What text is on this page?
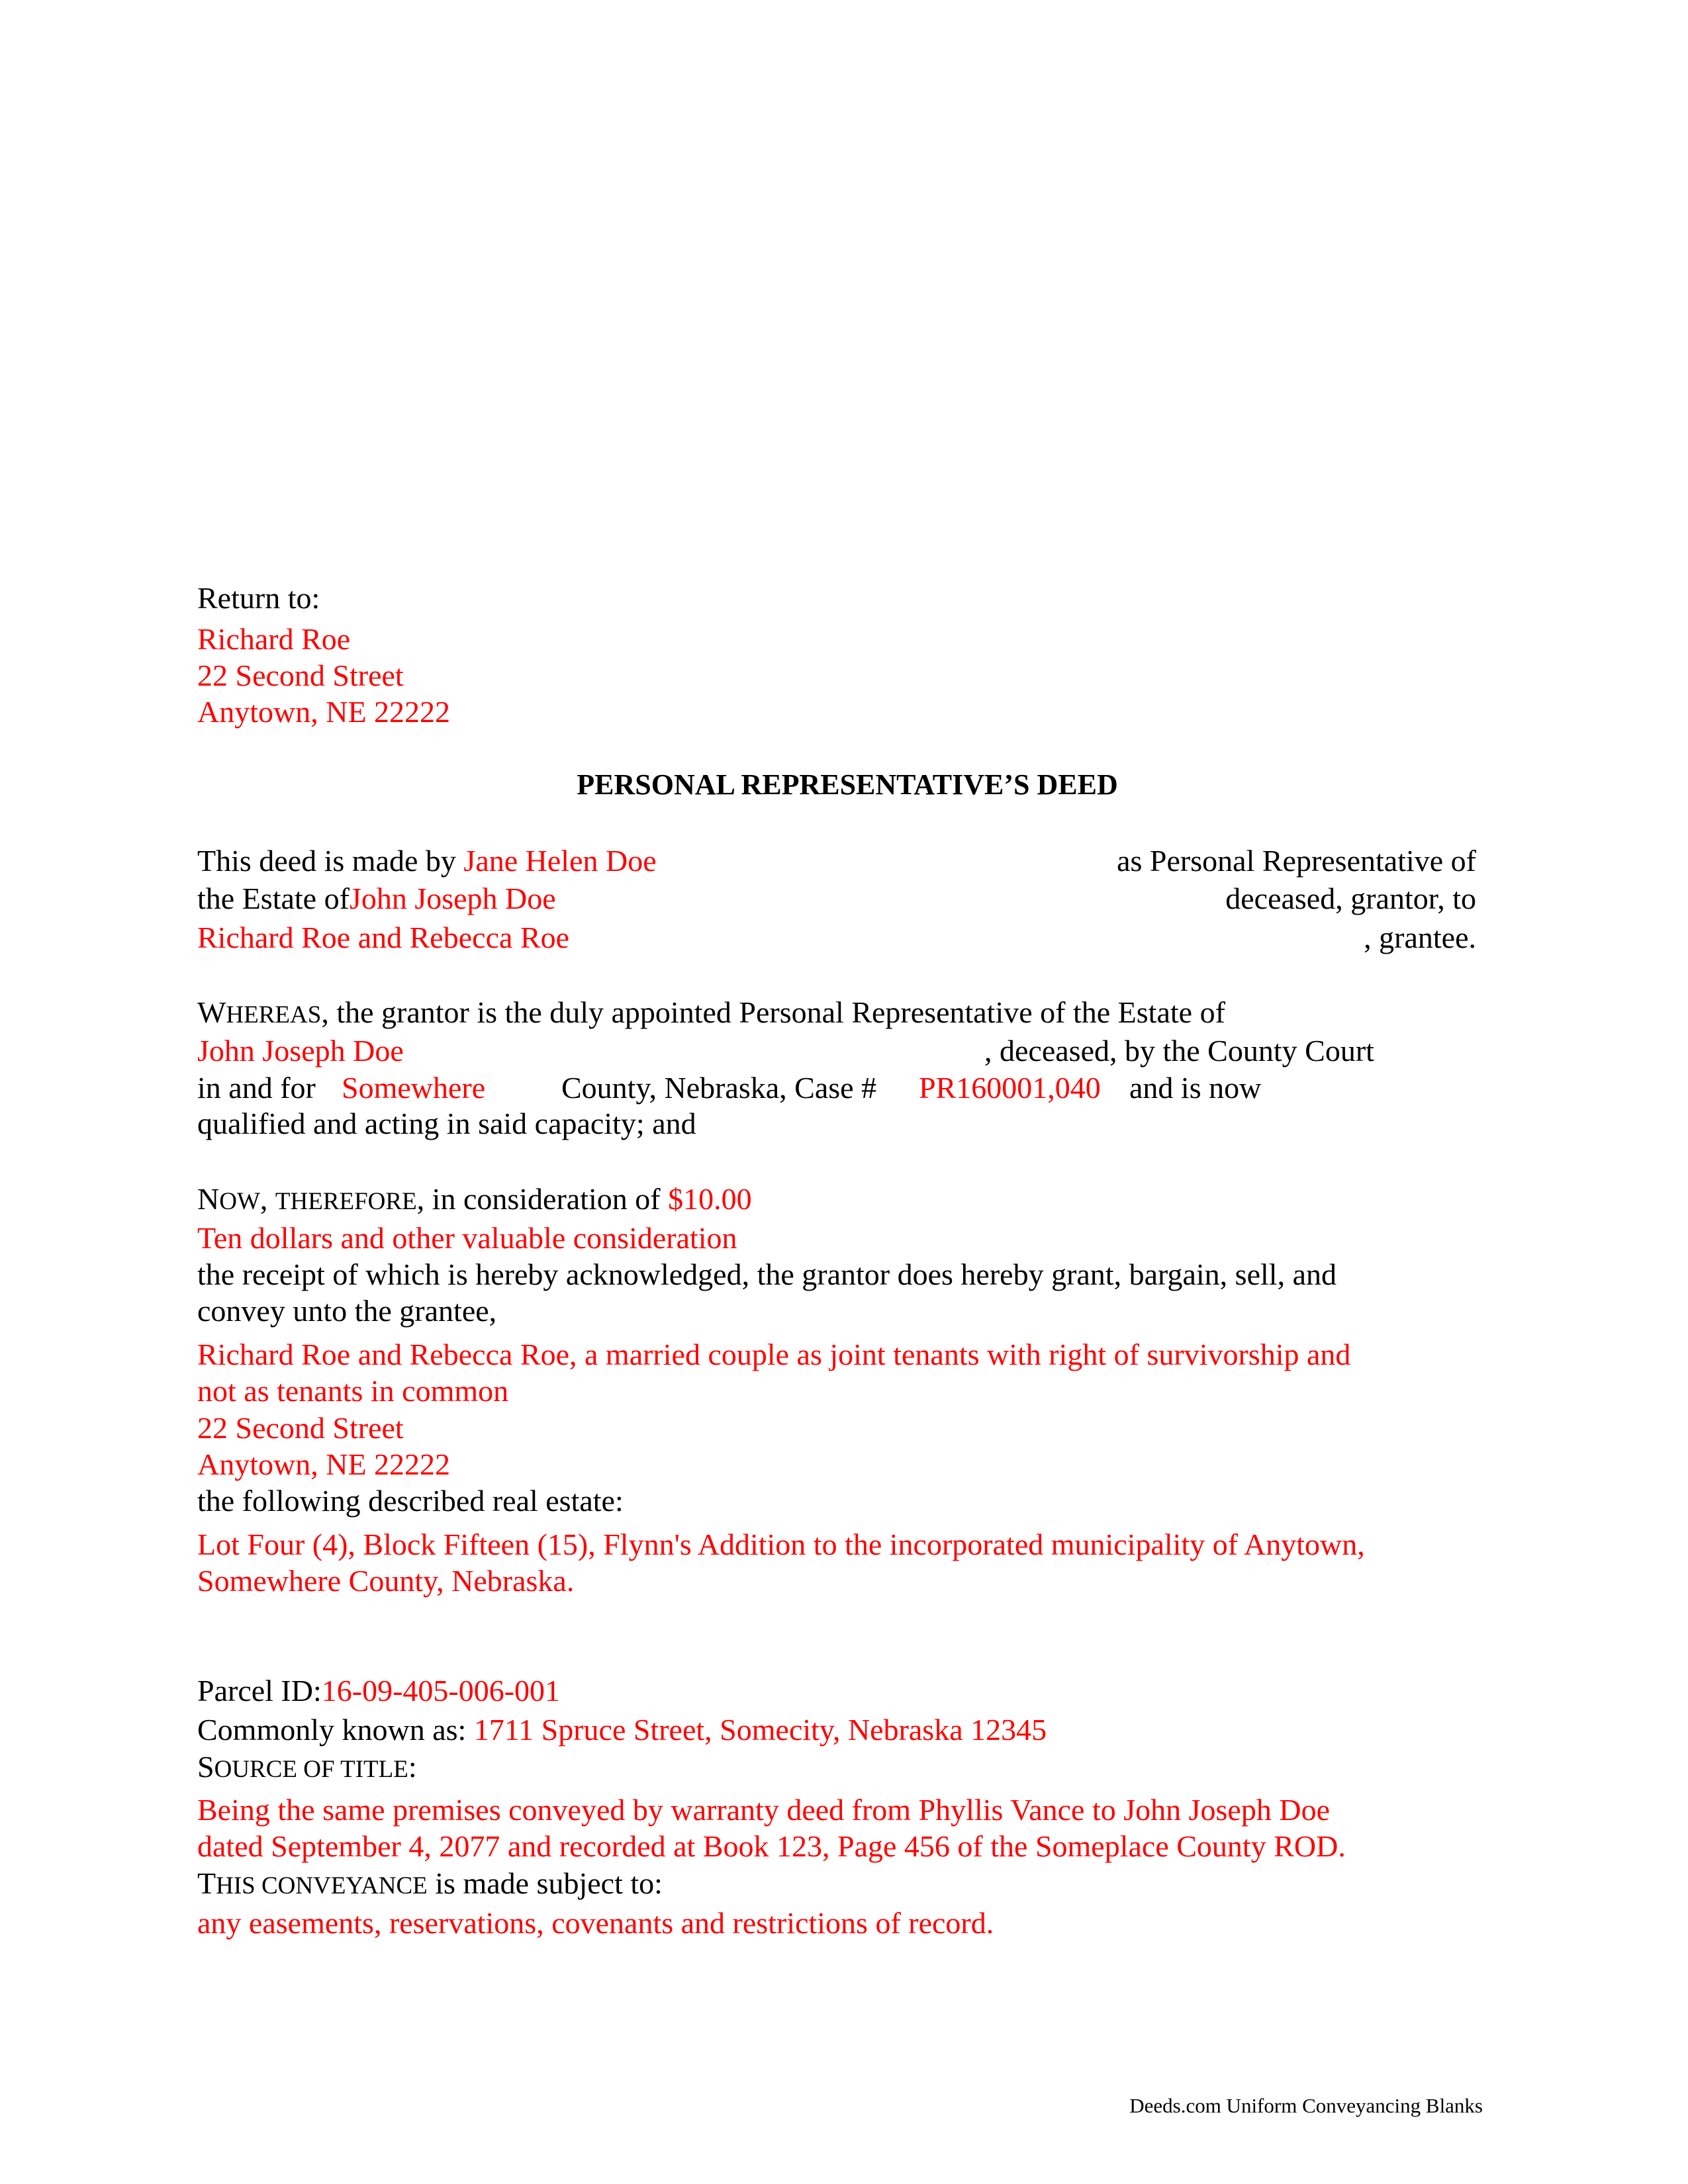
Return to:

Richard Roe

22 Second Street

Anytown, NE 22222

PERSONAL REPRESENTATIVE’S DEED

This deed is made by Jane Helen Doe	as Personal Representative of

the Estate ofJohn Joseph Doe	deceased, grantor, to

Richard Roe and Rebecca Roe	, grantee.

WHEREAS, the grantor is the duly appointed Personal Representative of the Estate of

John Joseph Doe	, deceased, by the County Court

in and for Somewhere County, Nebraska, Case # PR160001,040 and is now

qualified and acting in said capacity; and

NOW, THEREFORE, in consideration of $10.00

Ten dollars and other valuable consideration

the receipt of which is hereby acknowledged, the grantor does hereby grant, bargain, sell, and

convey unto the grantee,

Richard Roe and Rebecca Roe, a married couple as joint tenants with right of survivorship and

not as tenants in common

22 Second Street

Anytown, NE 22222

the following described real estate:

Lot Four (4), Block Fifteen (15), Flynn's Addition to the incorporated municipality of Anytown,

Somewhere County, Nebraska.

Parcel ID:16-09-405-006-001

Commonly known as: 1711 Spruce Street, Somecity, Nebraska 12345

SOURCE OF TITLE:

Being the same premises conveyed by warranty deed from Phyllis Vance to John Joseph Doe

dated September 4, 2077 and recorded at Book 123, Page 456 of the Someplace County ROD.

THIS CONVEYANCE is made subject to:

any easements, reservations, covenants and restrictions of record.

Deeds.com Uniform Conveyancing Blanks
